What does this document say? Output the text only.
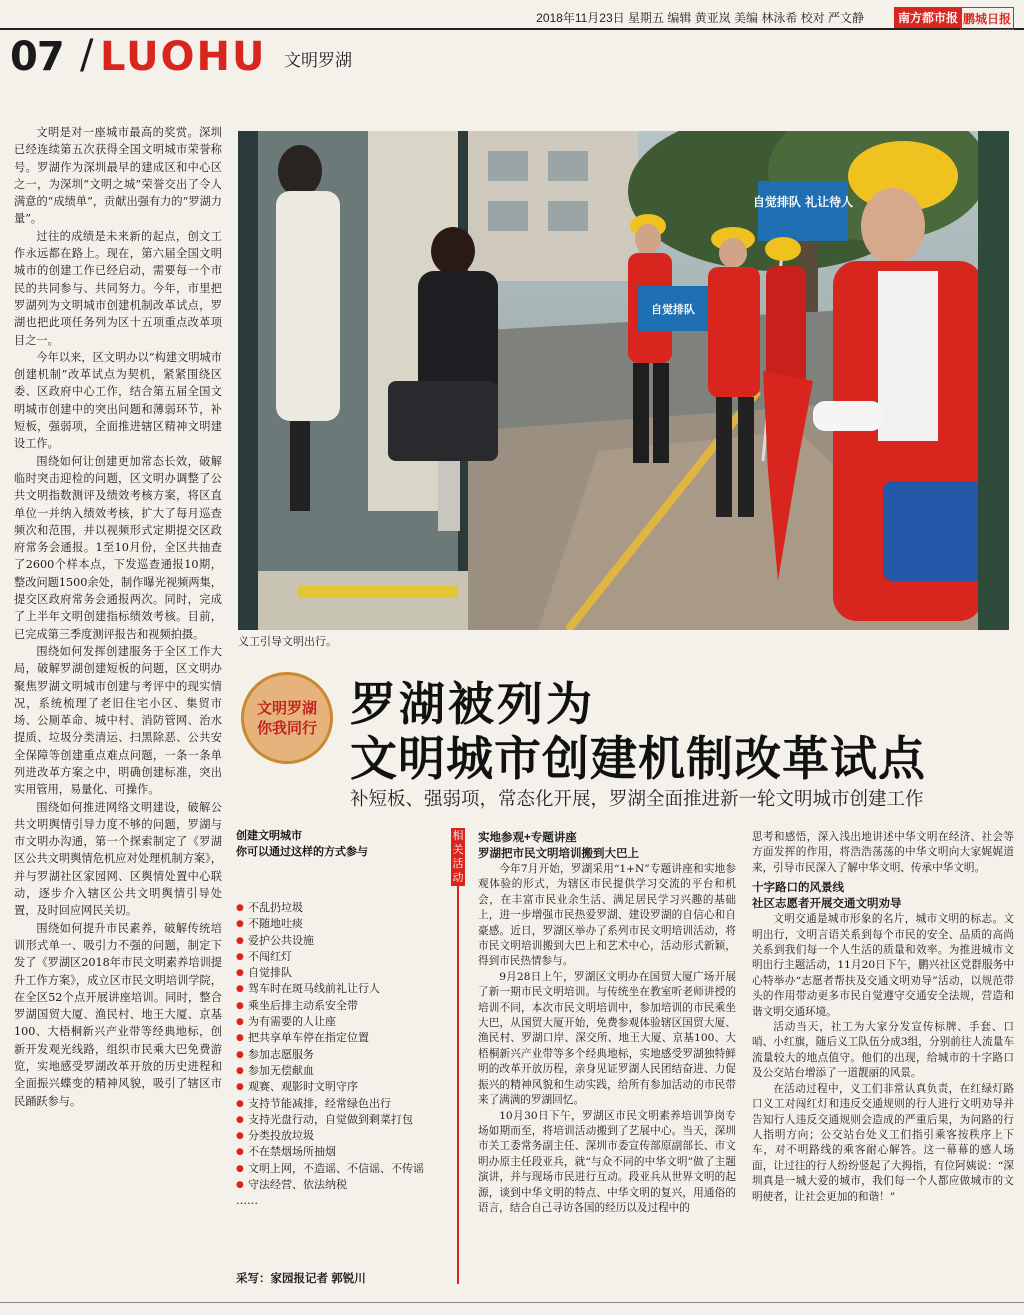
2018年11月23日 星期五 编辑 黄亚岚 美编 林泳希 校对 严文静	南方都市报 鹏城日报
07 / LUOHU 文明罗湖

文明是对一座城市最高的奖赏。深圳已经连续第五次获得全国文明城市荣誉称号。罗湖作为深圳最早的建成区和中心区之一，为深圳“文明之城”荣誉交出了令人满意的“成绩单”，贡献出强有力的“罗湖力量”。

过往的成绩是未来新的起点，创文工作永远都在路上。现在，第六届全国文明城市的创建工作已经启动，需要每一个市民的共同参与、共同努力。今年，市里把罗湖列为文明城市创建机制改革试点，罗湖也把此项任务列为区十五项重点改革项目之一。

今年以来，区文明办以“构建文明城市创建机制”改革试点为契机，紧紧围绕区委、区政府中心工作，结合第五届全国文明城市创建中的突出问题和薄弱环节，补短板，强弱项，全面推进辖区精神文明建设工作。

围绕如何让创建更加常态长效，破解临时突击迎检的问题，区文明办调整了公共文明指数测评及绩效考核方案，将区直单位一并纳入绩效考核，扩大了每月巡查频次和范围，并以视频形式定期提交区政府常务会通报。1至10月份，全区共抽查了2600个样本点，下发巡查通报10期，整改问题1500余处，制作曝光视频两集，提交区政府常务会通报两次。同时，完成了上半年文明创建指标绩效考核。目前，已完成第三季度测评报告和视频拍摄。

围绕如何发挥创建服务于全区工作大局，破解罗湖创建短板的问题，区文明办聚焦罗湖文明城市创建与考评中的现实情况，系统梳理了老旧住宅小区、集贸市场、公厕革命、城中村、消防管网、治水提质、垃圾分类清运、扫黑除恶、公共安全保障等创建重点难点问题，一条一条单列进改革方案之中，明确创建标准，突出实用管用，易量化、可操作。

围绕如何推进网络文明建设，破解公共文明舆情引导力度不够的问题，罗湖与市文明办沟通，第一个探索制定了《罗湖区公共文明舆情危机应对处理机制方案》，并与罗湖社区家园网、区舆情处置中心联动，逐步介入辖区公共文明舆情引导处置，及时回应网民关切。

围绕如何提升市民素养，破解传统培训形式单一、吸引力不强的问题，制定下发了《罗湖区2018年市民文明素养培训提升工作方案》，成立区市民文明培训学院，在全区52个点开展讲座培训。同时，整合罗湖国贸大厦、渔民村、地王大厦、京基100、大梧桐新兴产业带等经典地标，创新开发观光线路，组织市民乘大巴免费游览，实地感受罗湖改革开放的历史进程和全面振兴蝶变的精神风貌，吸引了辖区市民踊跃参与。

自觉排队 礼让待人
自觉排队
义工引导文明出行。
文明罗湖
你我同行 罗湖被列为
文明城市创建机制改革试点
补短板、强弱项，常态化开展，罗湖全面推进新一轮文明城市创建工作
创建文明城市
你可以通过这样的方式参与
● 不乱扔垃圾
● 不随地吐痰
● 爱护公共设施
● 不闯红灯
● 自觉排队
● 驾车时在斑马线前礼让行人
● 乘坐后排主动系安全带
● 为有需要的人让座
● 把共享单车停在指定位置
● 参加志愿服务
● 参加无偿献血
● 观赛、观影时文明守序
● 支持节能减排，经常绿色出行
● 支持光盘行动，自觉做到剩菜打包
● 分类投放垃圾
● 不在禁烟场所抽烟
● 文明上网，不造谣、不信谣、不传谣
● 守法经营、依法纳税
……
采写：家园报记者 郭锐川
相关活动
实地参观+专题讲座
罗湖把市民文明培训搬到大巴上

今年7月开始，罗湖采用“1+N”专题讲座和实地参观体验的形式，为辖区市民提供学习交流的平台和机会，在丰富市民业余生活、满足居民学习兴趣的基础上，进一步增强市民热爱罗湖、建设罗湖的自信心和自豪感。近日，罗湖区举办了系列市民文明培训活动，将市民文明培训搬到大巴上和艺术中心，活动形式新颖，得到市民热情参与。

9月28日上午，罗湖区文明办在国贸大厦广场开展了新一期市民文明培训。与传统坐在教室听老师讲授的培训不同，本次市民文明培训中，参加培训的市民乘坐大巴，从国贸大厦开始，免费参观体验辖区国贸大厦、渔民村、罗湖口岸、深交所、地王大厦、京基100、大梧桐新兴产业带等多个经典地标，实地感受罗湖独特鲜明的改革开放历程，亲身见证罗湖人民团结奋进、力促振兴的精神风貌和生动实践，给所有参加活动的市民带来了满满的罗湖回忆。

10月30日下午，罗湖区市民文明素养培训笋岗专场如期而至，将培训活动搬到了艺展中心。当天，深圳市关工委常务副主任、深圳市委宣传部原副部长、市文明办原主任段亚兵，就“与众不同的中华文明”做了主题演讲，并与现场市民进行互动。段亚兵从世界文明的起源，谈到中华文明的特点、中华文明的复兴，用通俗的语言，结合自己寻访各国的经历以及过程中的

思考和感悟，深入浅出地讲述中华文明在经济、社会等方面发挥的作用，将浩浩荡荡的中华文明向大家娓娓道来，引导市民深入了解中华文明、传承中华文明。

十字路口的风景线
社区志愿者开展交通文明劝导

文明交通是城市形象的名片，城市文明的标志。文明出行，文明言语关系到每个市民的安全、品质的高尚关系到我们每一个人生活的质量和效率。为推进城市文明出行主题活动，11月20日下午，鹏兴社区党群服务中心特举办“志愿者帮扶及交通文明劝导”活动，以规范带头的作用带动更多市民自觉遵守交通安全法规，营造和谐文明交通环境。

活动当天，社工为大家分发宣传标牌、手套、口哨、小红旗，随后义工队伍分成3组，分别前往人流量车流量较大的地点值守。他们的出现，给城市的十字路口及公交站台增添了一道靓丽的风景。

在活动过程中，义工们非常认真负责，在红绿灯路口义工对闯红灯和违反交通规则的行人进行文明劝导并告知行人违反交通规则会造成的严重后果，为问路的行人指明方向；公交站台处义工们指引乘客按秩序上下车，对不明路线的乘客耐心解答。这一幕幕的感人场面，让过往的行人纷纷竖起了大拇指，有位阿姨说：“深圳真是一城大爱的城市，我们每一个人都应做城市的文明使者，让社会更加的和谐！”
